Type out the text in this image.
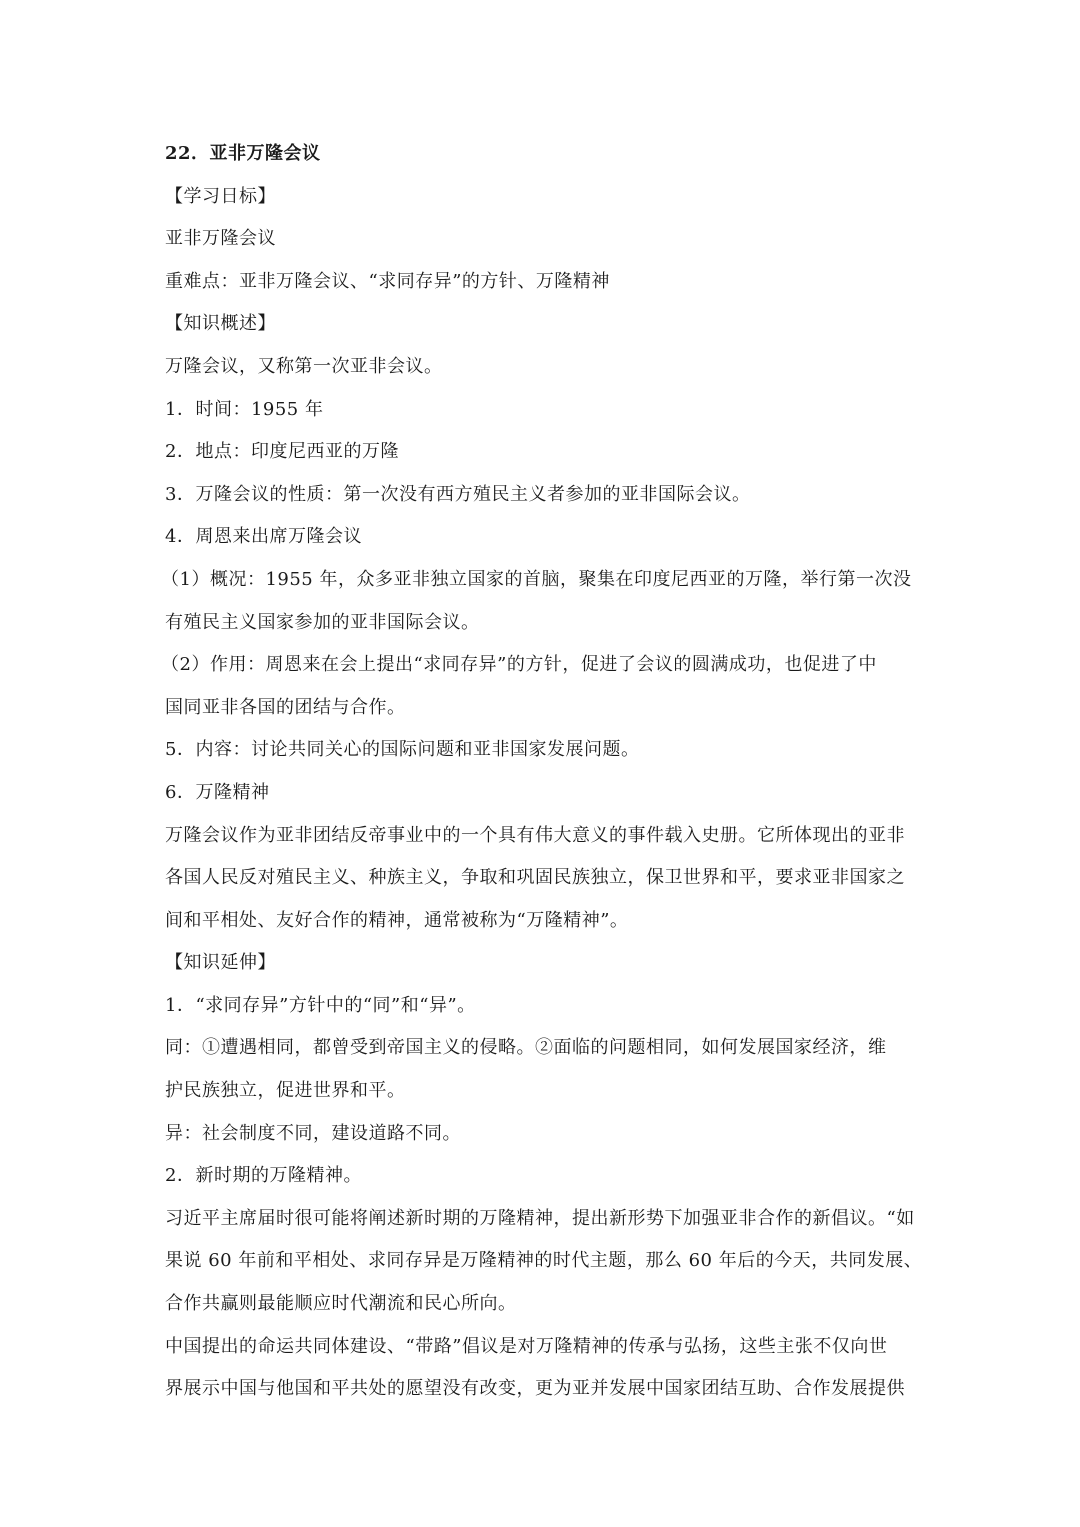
22．亚非万隆会议
【学习日标】
亚非万隆会议
重难点：亚非万隆会议、“求同存异”的方针、万隆精神
【知识概述】
万隆会议，又称第一次亚非会议。
1．时间：1955 年
2．地点：印度尼西亚的万隆
3．万隆会议的性质：第一次没有西方殖民主义者参加的亚非国际会议。
4．周恩来出席万隆会议
（1）概况：1955 年，众多亚非独立国家的首脑，聚集在印度尼西亚的万隆，举行第一次没
有殖民主义国家参加的亚非国际会议。
（2）作用：周恩来在会上提出“求同存异”的方针，促进了会议的圆满成功，也促进了中
国同亚非各国的团结与合作。
5．内容：讨论共同关心的国际问题和亚非国家发展问题。
6．万隆精神
万隆会议作为亚非团结反帝事业中的一个具有伟大意义的事件载入史册。它所体现出的亚非
各国人民反对殖民主义、种族主义，争取和巩固民族独立，保卫世界和平，要求亚非国家之
间和平相处、友好合作的精神，通常被称为“万隆精神”。
【知识延伸】
1．“求同存异”方针中的“同”和“异”。
同：①遭遇相同，都曾受到帝国主义的侵略。②面临的问题相同，如何发展国家经济，维
护民族独立，促进世界和平。
异：社会制度不同，建设道路不同。
2．新时期的万隆精神。
习近平主席届时很可能将阐述新时期的万隆精神，提出新形势下加强亚非合作的新倡议。“如
果说 60 年前和平相处、求同存异是万隆精神的时代主题，那么 60 年后的今天，共同发展、
合作共赢则最能顺应时代潮流和民心所向。
中国提出的命运共同体建设、“带路”倡议是对万隆精神的传承与弘扬，这些主张不仅向世
界展示中国与他国和平共处的愿望没有改变，更为亚并发展中国家团结互助、合作发展提供
